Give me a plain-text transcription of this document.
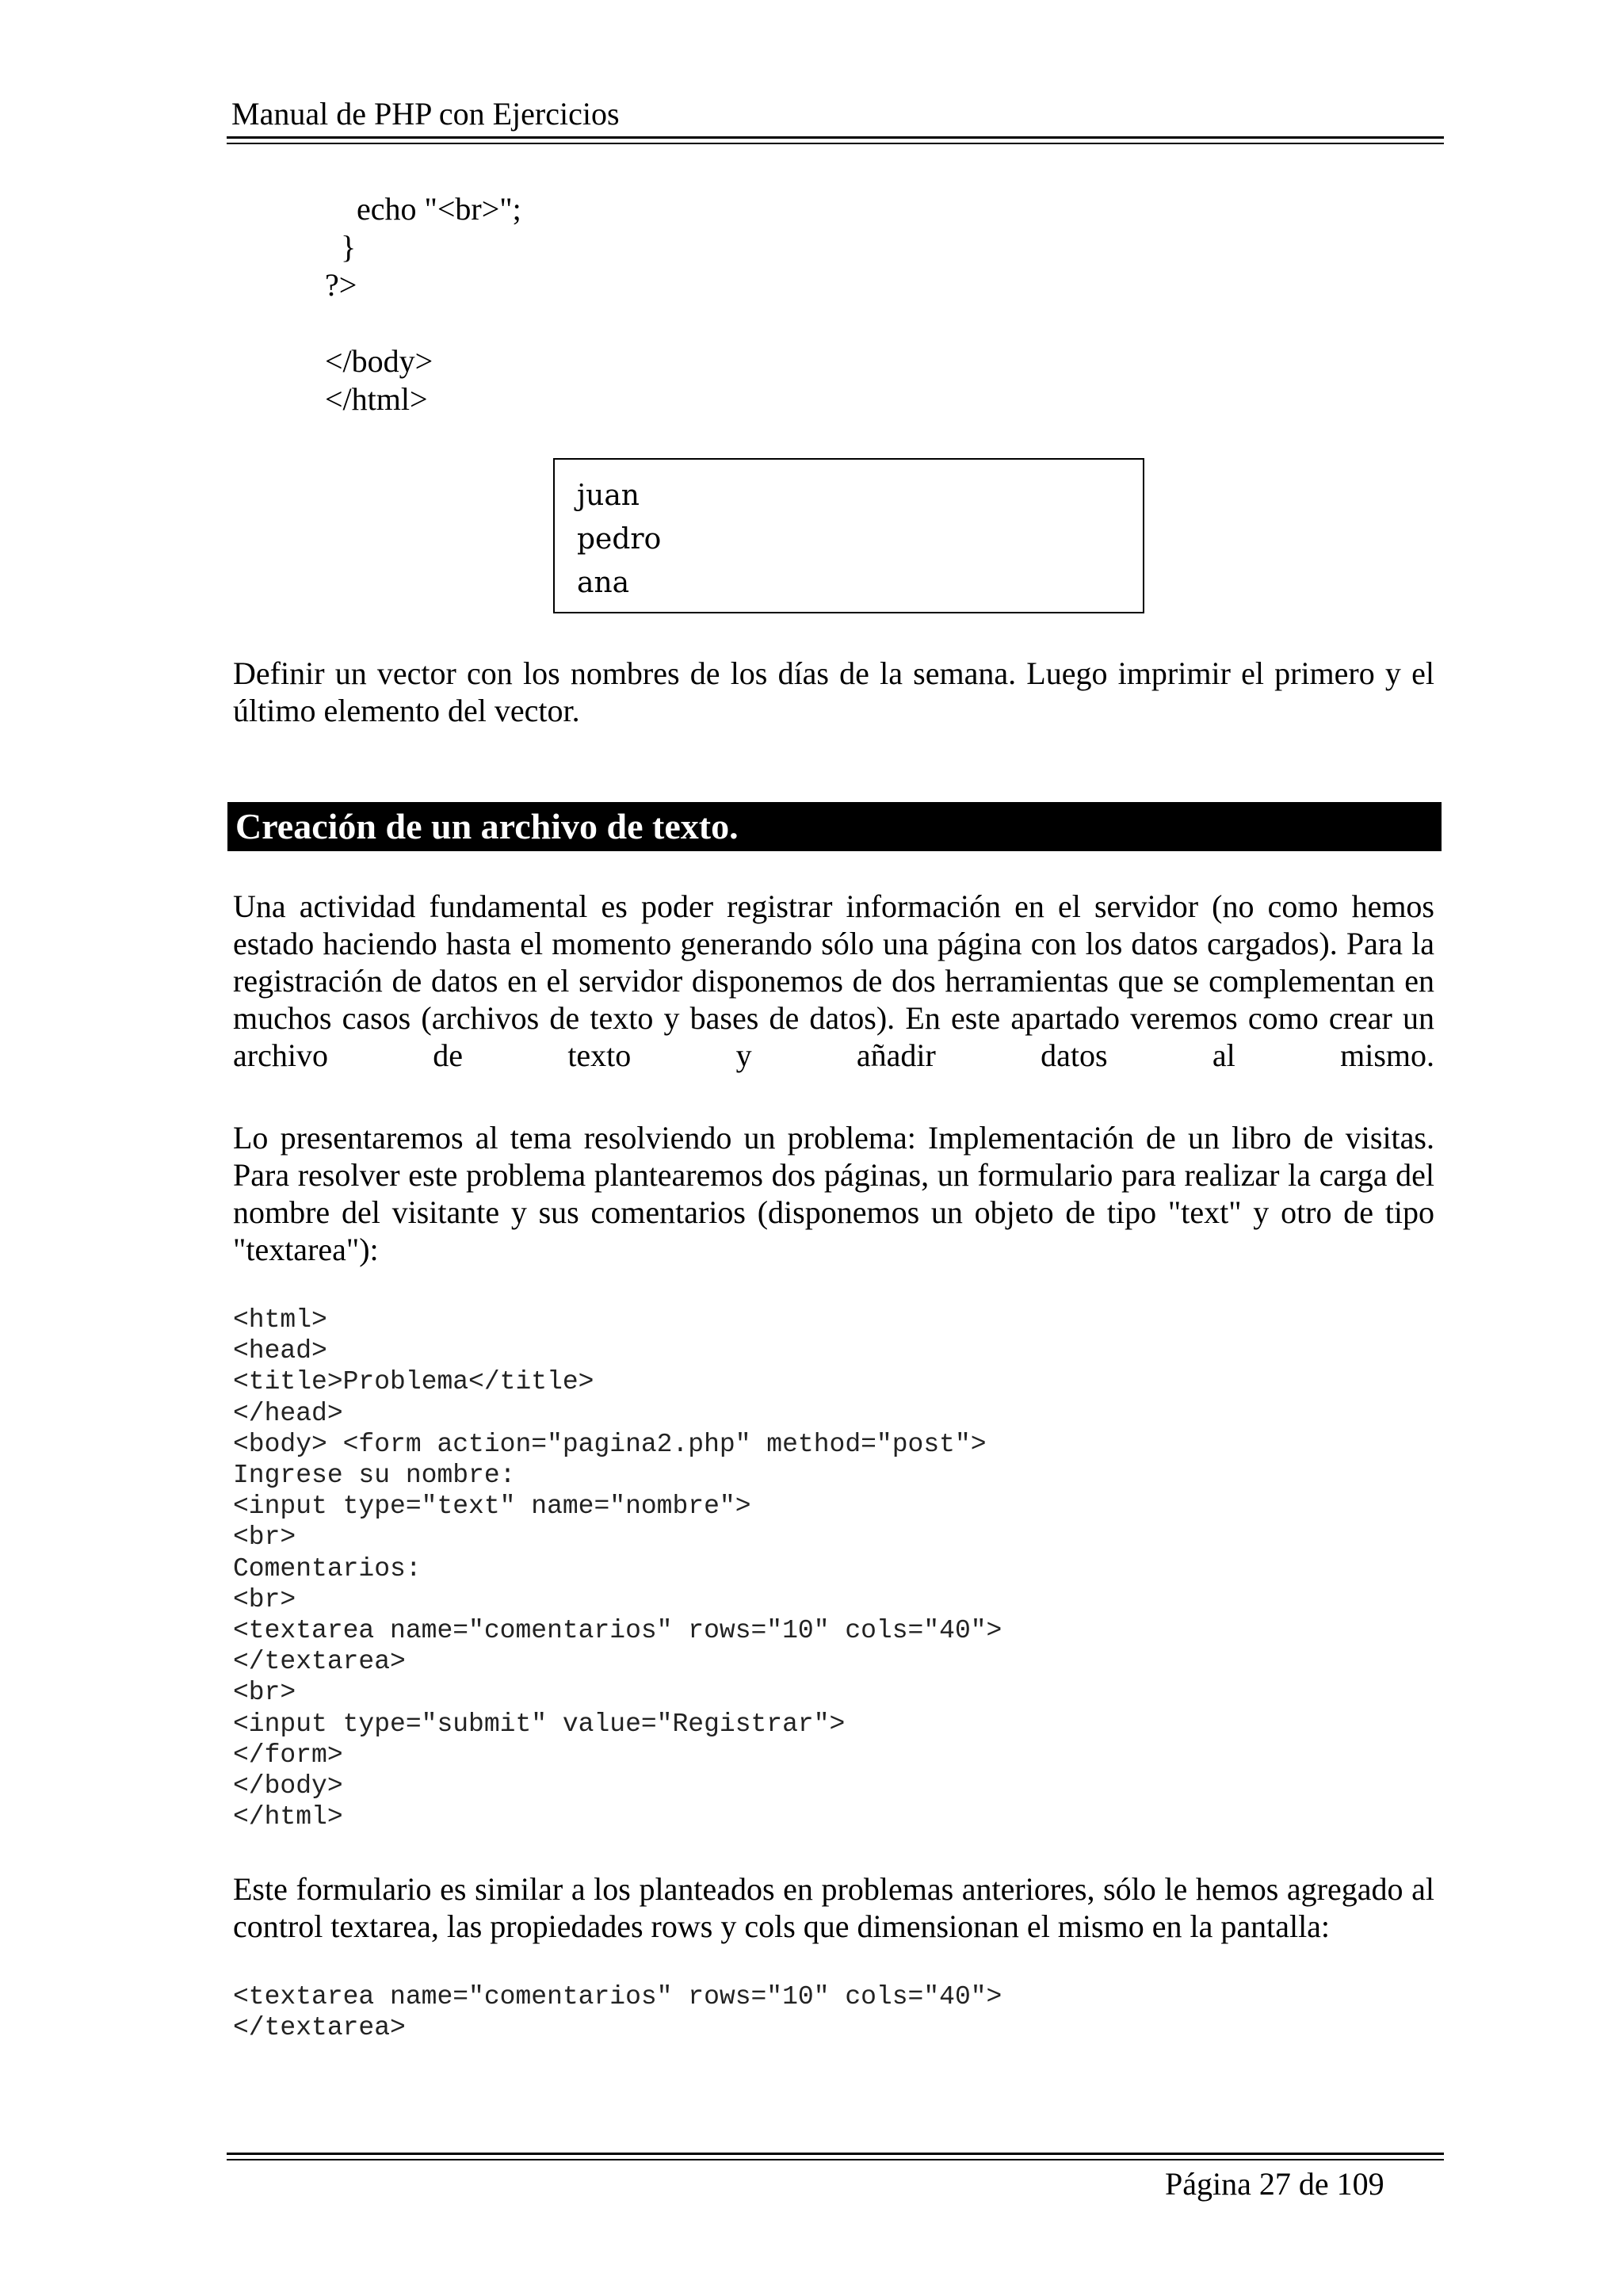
Manual de PHP con Ejercicios
echo "<br>";
}
?>
</body>
</html>
juan
pedro
ana
Definir un vector con los nombres de los días de la semana. Luego imprimir el primero y el último elemento del vector.
Creación de un archivo de texto.
Una actividad fundamental es poder registrar información en el servidor (no como hemos estado haciendo hasta el momento generando sólo una página con los datos cargados). Para la registración de datos en el servidor disponemos de dos herramientas que se complementan en muchos casos (archivos de texto y bases de datos). En este apartado veremos como crear un archivo de texto y añadir datos al mismo.
Lo presentaremos al tema resolviendo un problema: Implementación de un libro de visitas. Para resolver este problema plantearemos dos páginas, un formulario para realizar la carga del nombre del visitante y sus comentarios (disponemos un objeto de tipo "text" y otro de tipo "textarea"):
<html>
<head>
<title>Problema</title>
</head>
<body> <form action="pagina2.php" method="post">
Ingrese su nombre:
<input type="text" name="nombre">
<br>
Comentarios:
<br>
<textarea name="comentarios" rows="10" cols="40">
</textarea>
<br>
<input type="submit" value="Registrar">
</form>
</body>
</html>
Este formulario es similar a los planteados en problemas anteriores, sólo le hemos agregado al control textarea, las propiedades rows y cols que dimensionan el mismo en la pantalla:
<textarea name="comentarios" rows="10" cols="40">
</textarea>
Página 27 de 109
